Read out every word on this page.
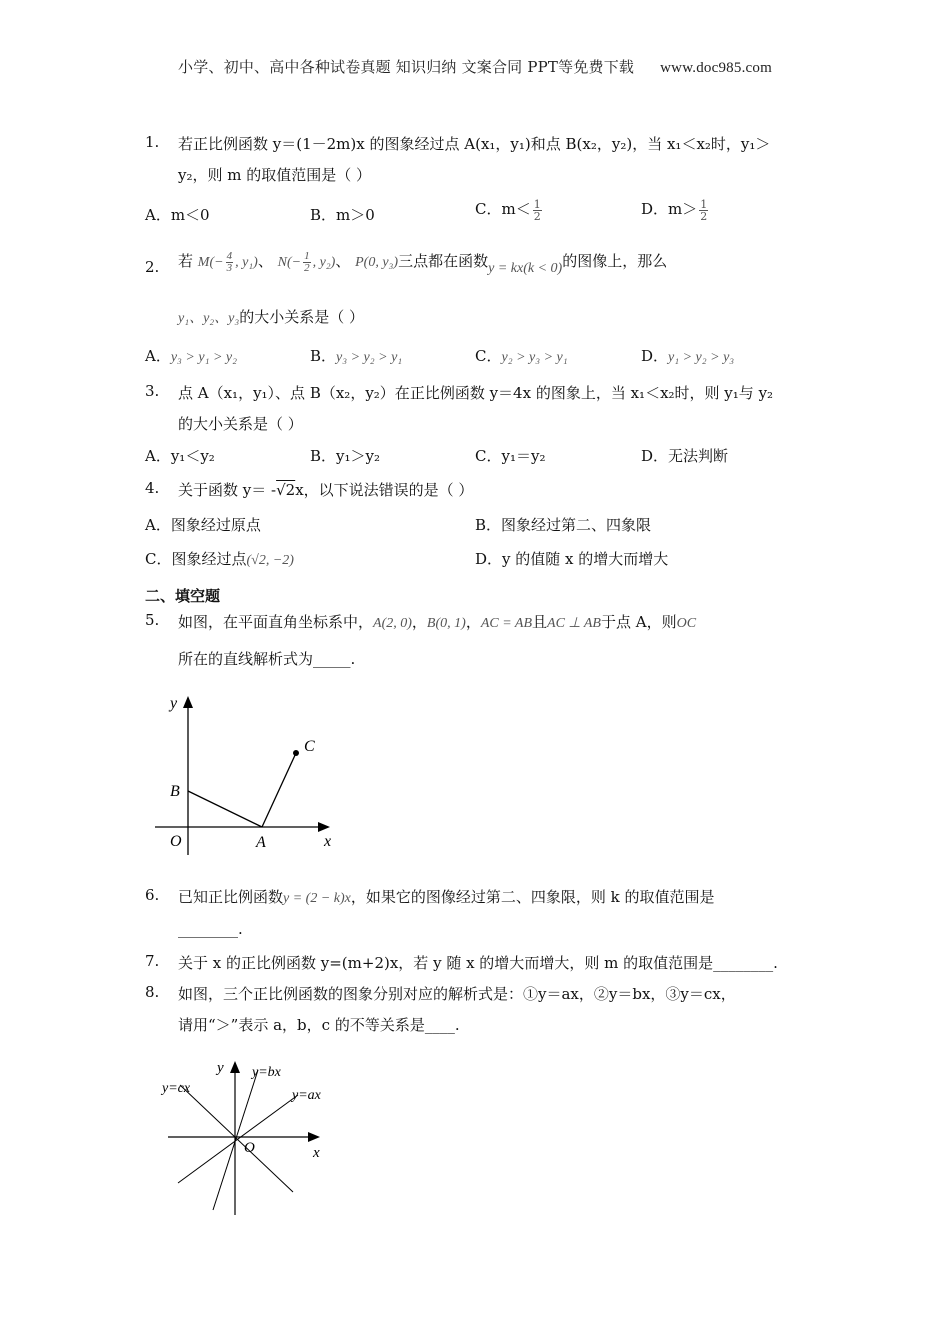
小学、初中、高中各种试卷真题 知识归纳 文案合同 PPT等免费下载 www.doc985.com
1. 若正比例函数 y＝(1－2m)x 的图象经过点 A(x₁，y₁)和点 B(x₂，y₂)，当 x₁＜x₂时，y₁＞
y₂，则 m 的取值范围是（ ）
A．m＜0	B．m＞0	C．$m< \frac{1}{2}$	D．$m> \frac{1}{2}$
2. 若 $M(- \frac{4}{3}$ , y₁)、 $N(- \frac{1}{2}$ , y₂)、 P(0, y₃)三点都在函数y = kx(k < 0)的图像上，那么
y₁、y₂、y₃的大小关系是（ ）
A．y₃ > y₁ > y₂	B．y₃ > y₂ > y₁	C．y₂ > y₃ > y₁	D．y₁ > y₂ > y₃
3. 点 A（x₁，y₁）、点 B（x₂，y₂）在正比例函数 y＝4x 的图象上，当 x₁＜x₂时，则 y₁与 y₂
的大小关系是（ ）
A．y₁＜y₂	B．y₁＞y₂	C．y₁＝y₂	D．无法判断
4. 关于函数 y＝ -√2x，以下说法错误的是（ ）
A．图象经过原点	B．图象经过第二、四象限
C．图象经过点(√2, −2)	D．y 的值随 x 的增大而增大
二、填空题
5. 如图，在平面直角坐标系中，A(2, 0)，B(0, 1)，AC = AB且AC ⊥ AB于点 A，则OC
所在的直线解析式为_____.
y
x
O	A
B
C
6. 已知正比例函数y = (2 − k)x，如果它的图像经过第二、四象限，则 k 的取值范围是
________.
7. 关于 x 的正比例函数 y=(m+2)x，若 y 随 x 的增大而增大，则 m 的取值范围是________.
8. 如图，三个正比例函数的图象分别对应的解析式是：①y＝ax，②y＝bx，③y＝cx，
请用“＞”表示 a，b，c 的不等关系是____.
y
x
O
y=cx
y=bx
y=ax
